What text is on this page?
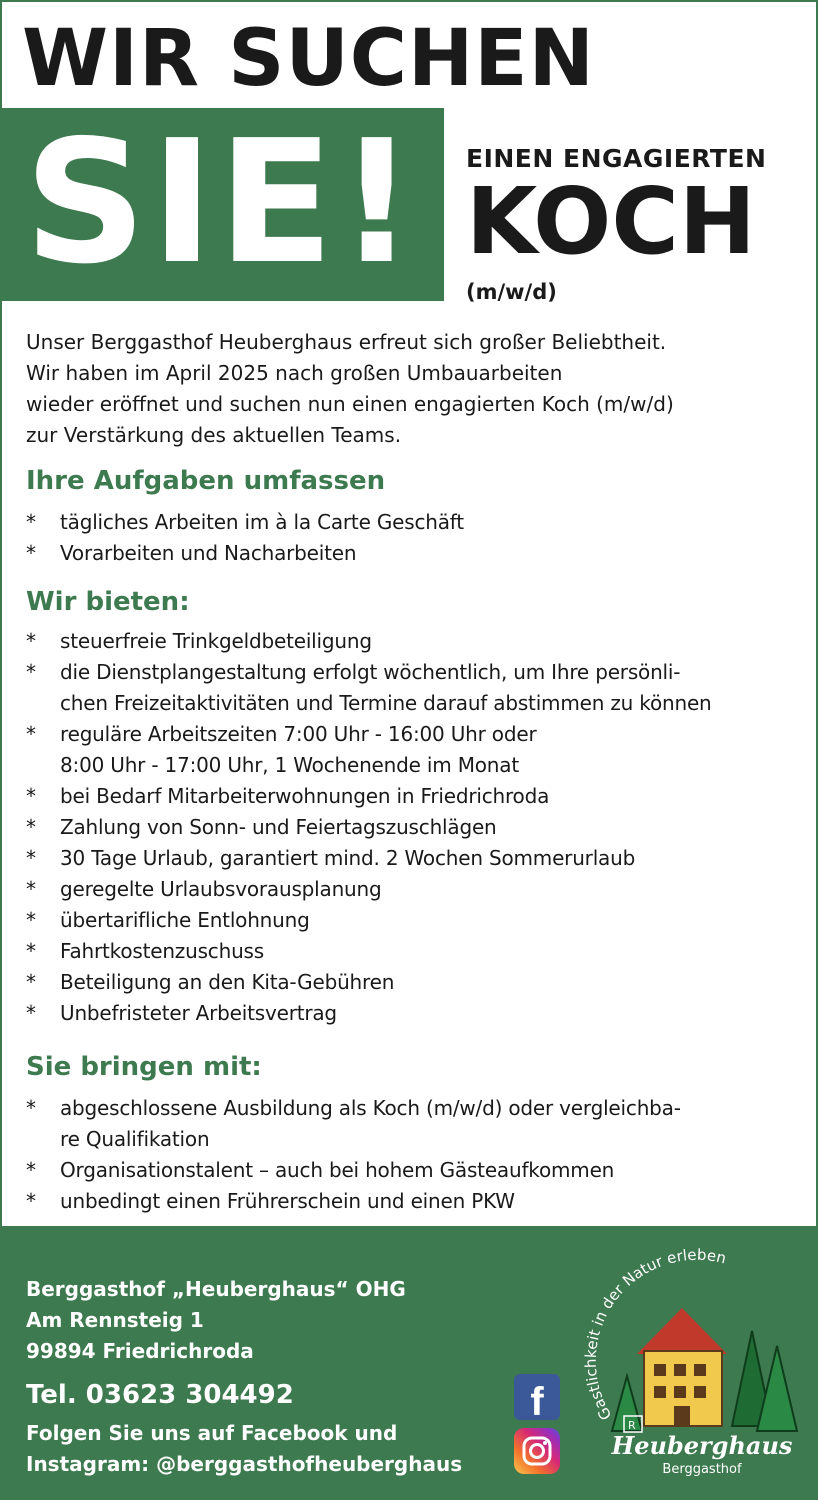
WIR SUCHEN
SIE! EINEN ENGAGIERTEN
KOCH
(m/w/d)

Unser Berggasthof Heuberghaus erfreut sich großer Beliebtheit.

Wir haben im April 2025 nach großen Umbauarbeiten

wieder eröffnet und suchen nun einen engagierten Koch (m/w/d)

zur Verstärkung des aktuellen Teams.

Ihre Aufgaben umfassen
* tägliches Arbeiten im à la Carte Geschäft
* Vorarbeiten und Nacharbeiten
Wir bieten:
* steuerfreie Trinkgeldbeteiligung
* die Dienstplangestaltung erfolgt wöchentlich, um Ihre persönli-
chen Freizeitaktivitäten und Termine darauf abstimmen zu können
* reguläre Arbeitszeiten 7:00 Uhr - 16:00 Uhr oder
8:00 Uhr - 17:00 Uhr, 1 Wochenende im Monat
* bei Bedarf Mitarbeiterwohnungen in Friedrichroda
* Zahlung von Sonn- und Feiertagszuschlägen
* 30 Tage Urlaub, garantiert mind. 2 Wochen Sommerurlaub
* geregelte Urlaubsvorausplanung
* übertarifliche Entlohnung
* Fahrtkostenzuschuss
* Beteiligung an den Kita-Gebühren
* Unbefristeter Arbeitsvertrag
Sie bringen mit:
* abgeschlossene Ausbildung als Koch (m/w/d) oder vergleichba-
re Qualifikation
* Organisationstalent – auch bei hohem Gästeaufkommen
* unbedingt einen Frührerschein und einen PKW
Berggasthof „Heuberghaus“ OHG
Am Rennsteig 1
99894 Friedrichroda
Tel. 03623 304492
Folgen Sie uns auf Facebook und
Instagram: @berggasthofheuberghaus
f	Gastlichkeit in der Natur erleben
R
Heuberghaus
Berggasthof
